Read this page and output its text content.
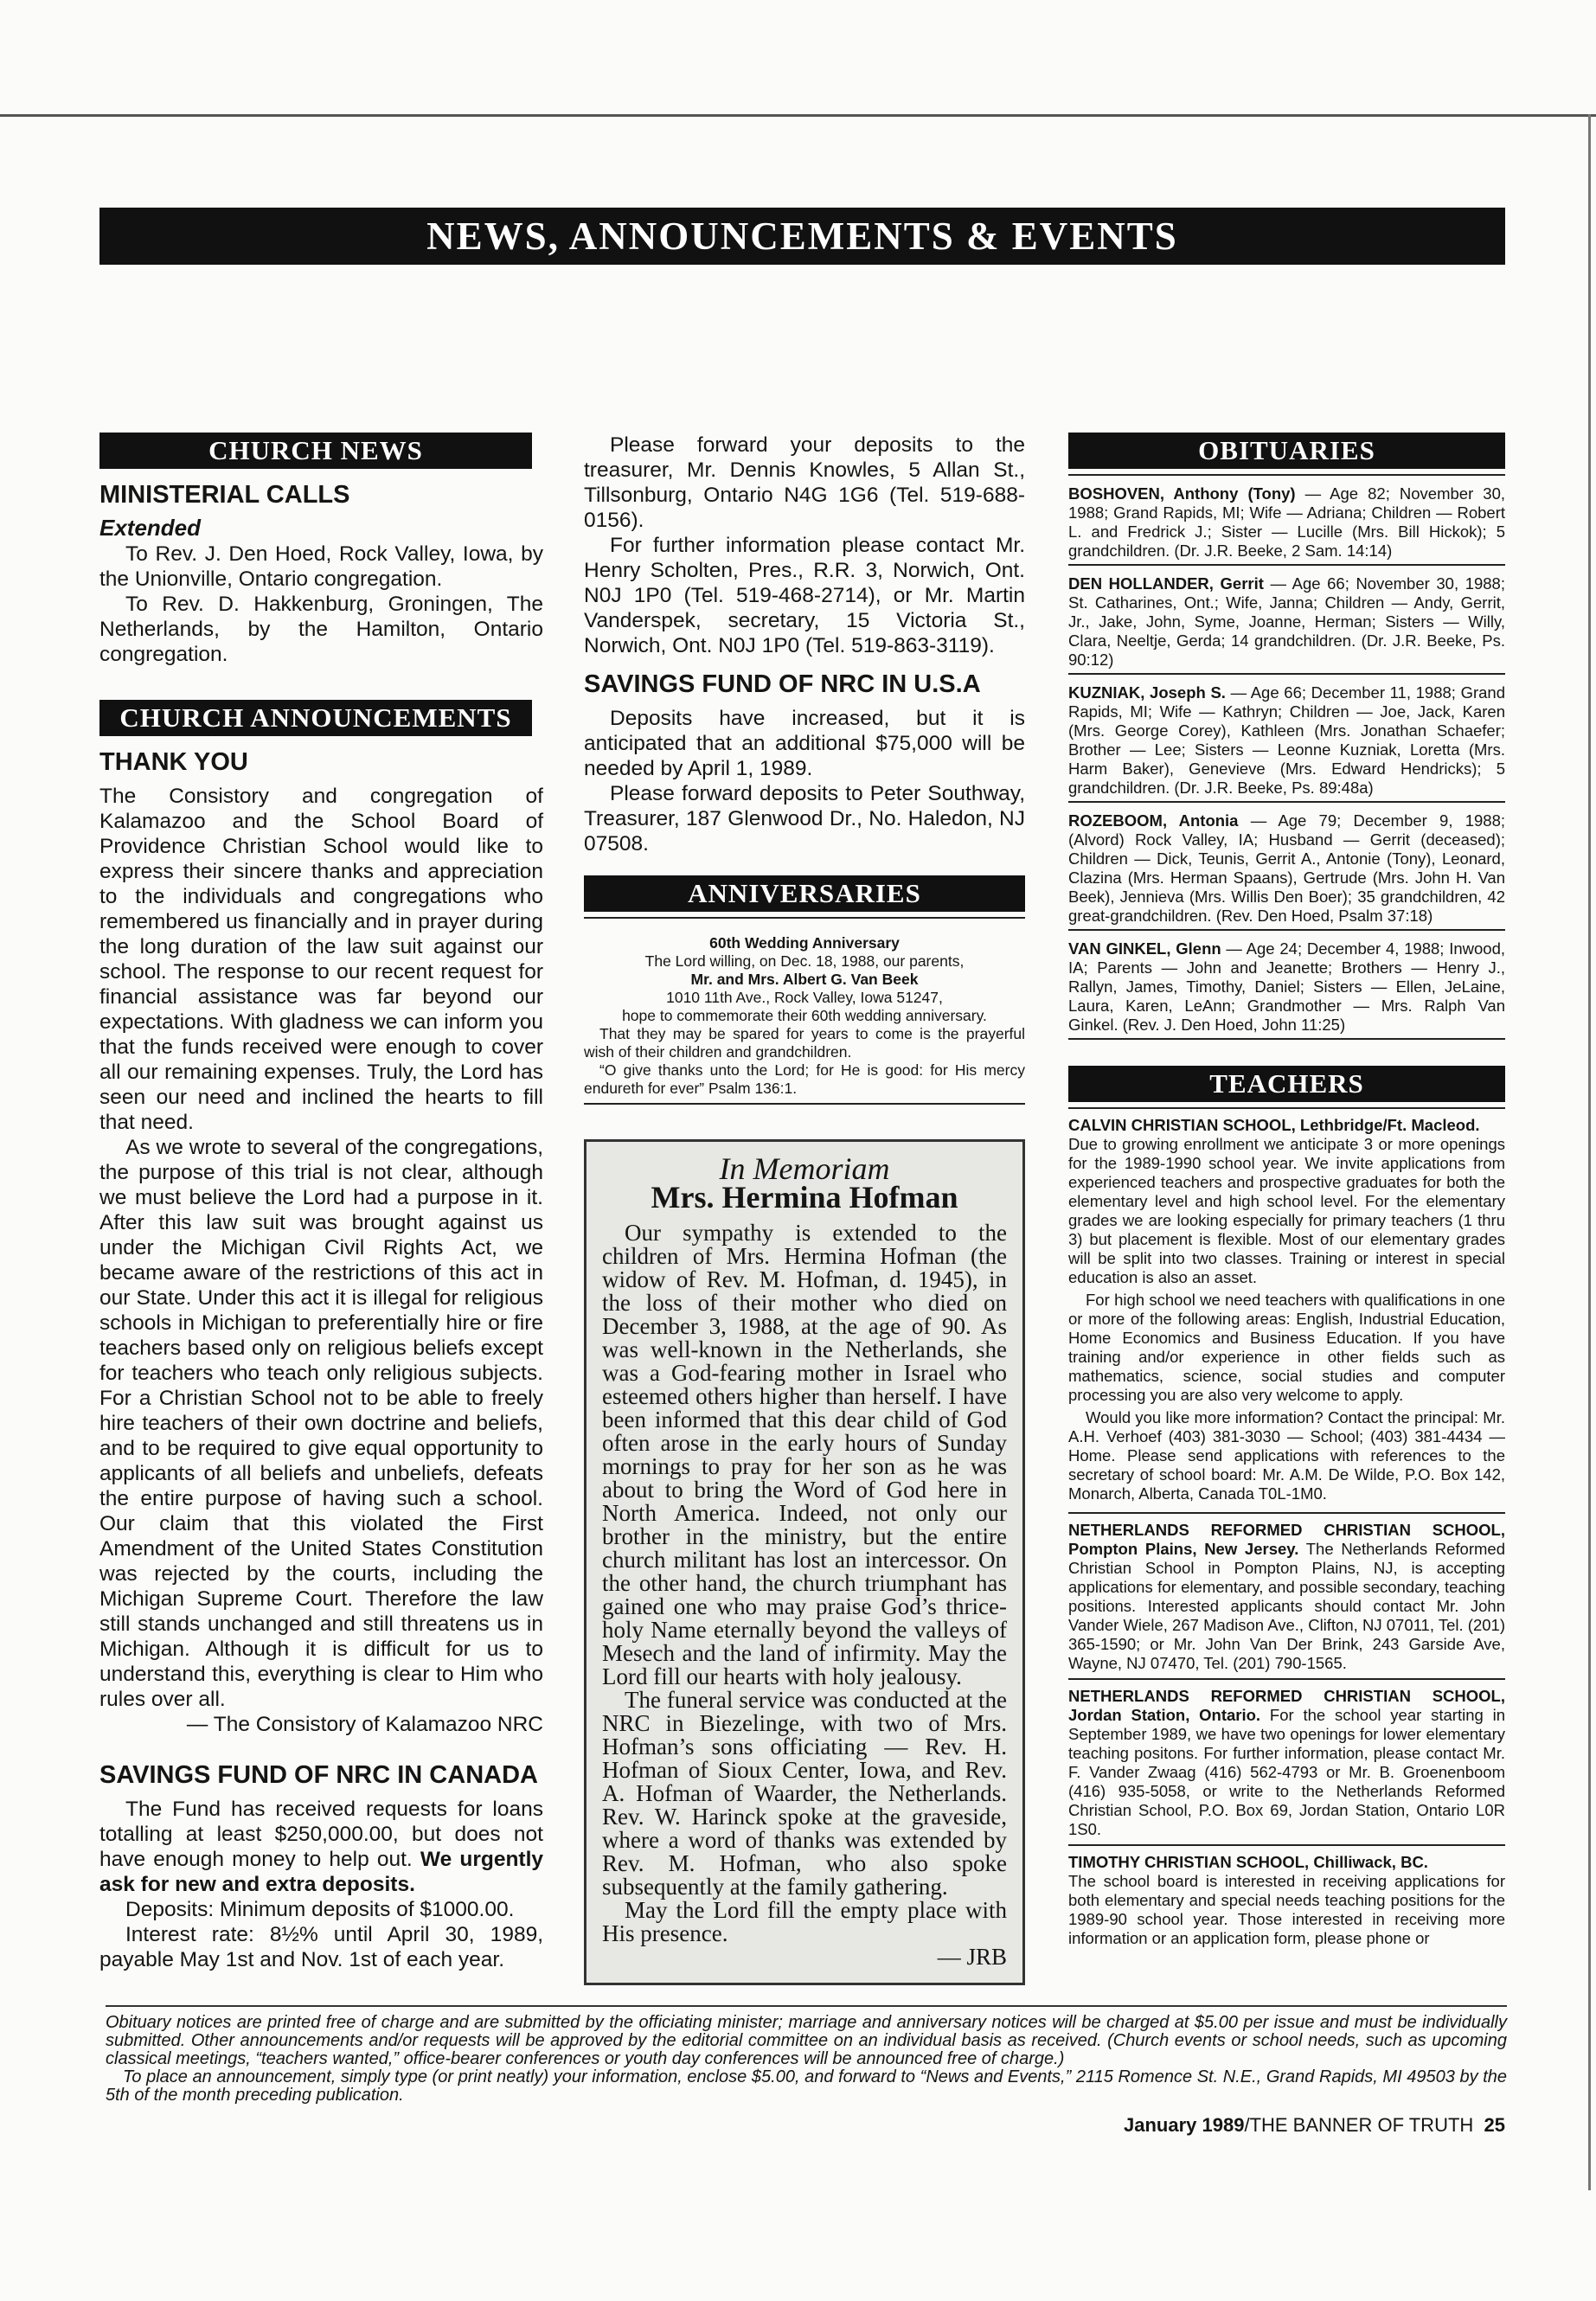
NEWS, ANNOUNCEMENTS & EVENTS
CHURCH NEWS
MINISTERIAL CALLS
Extended

To Rev. J. Den Hoed, Rock Valley, Iowa, by the Unionville, Ontario congregation.

To Rev. D. Hakkenburg, Groningen, The Netherlands, by the Hamilton, Ontario congregation.

CHURCH ANNOUNCEMENTS
THANK YOU

The Consistory and congregation of Kalamazoo and the School Board of Providence Christian School would like to express their sincere thanks and appreciation to the individuals and congregations who remembered us financially and in prayer during the long duration of the law suit against our school. The response to our recent request for financial assistance was far beyond our expectations. With gladness we can inform you that the funds received were enough to cover all our remaining expenses. Truly, the Lord has seen our need and inclined the hearts to fill that need.

As we wrote to several of the congregations, the purpose of this trial is not clear, although we must believe the Lord had a purpose in it. After this law suit was brought against us under the Michigan Civil Rights Act, we became aware of the restrictions of this act in our State. Under this act it is illegal for religious schools in Michigan to preferentially hire or fire teachers based only on religious beliefs except for teachers who teach only religious subjects. For a Christian School not to be able to freely hire teachers of their own doctrine and beliefs, and to be required to give equal opportunity to applicants of all beliefs and unbeliefs, defeats the entire purpose of having such a school. Our claim that this violated the First Amendment of the United States Constitution was rejected by the courts, including the Michigan Supreme Court. Therefore the law still stands unchanged and still threatens us in Michigan. Although it is difficult for us to understand this, everything is clear to Him who rules over all.

— The Consistory of Kalamazoo NRC

SAVINGS FUND OF NRC IN CANADA

The Fund has received requests for loans totalling at least $250,000.00, but does not have enough money to help out. We urgently ask for new and extra deposits.

Deposits: Minimum deposits of $1000.00.

Interest rate: 8½% until April 30, 1989, payable May 1st and Nov. 1st of each year.

Please forward your deposits to the treasurer, Mr. Dennis Knowles, 5 Allan St., Tillsonburg, Ontario N4G 1G6 (Tel. 519-688-0156).

For further information please contact Mr. Henry Scholten, Pres., R.R. 3, Norwich, Ont. N0J 1P0 (Tel. 519-468-2714), or Mr. Martin Vanderspek, secretary, 15 Victoria St., Norwich, Ont. N0J 1P0 (Tel. 519-863-3119).

SAVINGS FUND OF NRC IN U.S.A

Deposits have increased, but it is anticipated that an additional $75,000 will be needed by April 1, 1989.

Please forward deposits to Peter Southway, Treasurer, 187 Glenwood Dr., No. Haledon, NJ 07508.

ANNIVERSARIES
60th Wedding Anniversary
The Lord willing, on Dec. 18, 1988, our parents,
Mr. and Mrs. Albert G. Van Beek
1010 11th Ave., Rock Valley, Iowa 51247,
hope to commemorate their 60th wedding anniversary.

That they may be spared for years to come is the prayerful wish of their children and grandchildren.

“O give thanks unto the Lord; for He is good: for His mercy endureth for ever” Psalm 136:1.

In Memoriam
Mrs. Hermina Hofman

Our sympathy is extended to the children of Mrs. Hermina Hofman (the widow of Rev. M. Hofman, d. 1945), in the loss of their mother who died on December 3, 1988, at the age of 90. As was well-known in the Netherlands, she was a God-fearing mother in Israel who esteemed others higher than herself. I have been informed that this dear child of God often arose in the early hours of Sunday mornings to pray for her son as he was about to bring the Word of God here in North America. Indeed, not only our brother in the ministry, but the entire church militant has lost an intercessor. On the other hand, the church triumphant has gained one who may praise God’s thrice-holy Name eternally beyond the valleys of Mesech and the land of infirmity. May the Lord fill our hearts with holy jealousy.

The funeral service was conducted at the NRC in Biezelinge, with two of Mrs. Hofman’s sons officiating — Rev. H. Hofman of Sioux Center, Iowa, and Rev. A. Hofman of Waarder, the Netherlands. Rev. W. Harinck spoke at the graveside, where a word of thanks was extended by Rev. M. Hofman, who also spoke subsequently at the family gathering.

May the Lord fill the empty place with His presence.

— JRB

OBITUARIES
BOSHOVEN, Anthony (Tony) — Age 82; November 30, 1988; Grand Rapids, MI; Wife — Adriana; Children — Robert L. and Fredrick J.; Sister — Lucille (Mrs. Bill Hickok); 5 grandchildren. (Dr. J.R. Beeke, 2 Sam. 14:14)
DEN HOLLANDER, Gerrit — Age 66; November 30, 1988; St. Catharines, Ont.; Wife, Janna; Children — Andy, Gerrit, Jr., Jake, John, Syme, Joanne, Herman; Sisters — Willy, Clara, Neeltje, Gerda; 14 grandchildren. (Dr. J.R. Beeke, Ps. 90:12)
KUZNIAK, Joseph S. — Age 66; December 11, 1988; Grand Rapids, MI; Wife — Kathryn; Children — Joe, Jack, Karen (Mrs. George Corey), Kathleen (Mrs. Jonathan Schaefer; Brother — Lee; Sisters — Leonne Kuzniak, Loretta (Mrs. Harm Baker), Genevieve (Mrs. Edward Hendricks); 5 grandchildren. (Dr. J.R. Beeke, Ps. 89:48a)
ROZEBOOM, Antonia — Age 79; December 9, 1988; (Alvord) Rock Valley, IA; Husband — Gerrit (deceased); Children — Dick, Teunis, Gerrit A., Antonie (Tony), Leonard, Clazina (Mrs. Herman Spaans), Gertrude (Mrs. John H. Van Beek), Jennieva (Mrs. Willis Den Boer); 35 grandchildren, 42 great-grandchildren. (Rev. Den Hoed, Psalm 37:18)
VAN GINKEL, Glenn — Age 24; December 4, 1988; Inwood, IA; Parents — John and Jeanette; Brothers — Henry J., Rallyn, James, Timothy, Daniel; Sisters — Ellen, JeLaine, Laura, Karen, LeAnn; Grandmother — Mrs. Ralph Van Ginkel. (Rev. J. Den Hoed, John 11:25)
TEACHERS
CALVIN CHRISTIAN SCHOOL, Lethbridge/Ft. Macleod.

Due to growing enrollment we anticipate 3 or more openings for the 1989-1990 school year. We invite applications from experienced teachers and prospective graduates for both the elementary level and high school level. For the elementary grades we are looking especially for primary teachers (1 thru 3) but placement is flexible. Most of our elementary grades will be split into two classes. Training or interest in special education is also an asset.

For high school we need teachers with qualifications in one or more of the following areas: English, Industrial Education, Home Economics and Business Education. If you have training and/or experience in other fields such as mathematics, science, social studies and computer processing you are also very welcome to apply.

Would you like more information? Contact the principal: Mr. A.H. Verhoef (403) 381-3030 — School; (403) 381-4434 — Home. Please send applications with references to the secretary of school board: Mr. A.M. De Wilde, P.O. Box 142, Monarch, Alberta, Canada T0L-1M0.

NETHERLANDS REFORMED CHRISTIAN SCHOOL, Pompton Plains, New Jersey. The Netherlands Reformed Christian School in Pompton Plains, NJ, is accepting applications for elementary, and possible secondary, teaching positions. Interested applicants should contact Mr. John Vander Wiele, 267 Madison Ave., Clifton, NJ 07011, Tel. (201) 365-1590; or Mr. John Van Der Brink, 243 Garside Ave, Wayne, NJ 07470, Tel. (201) 790-1565.
NETHERLANDS REFORMED CHRISTIAN SCHOOL, Jordan Station, Ontario. For the school year starting in September 1989, we have two openings for lower elementary teaching positons. For further information, please contact Mr. F. Vander Zwaag (416) 562-4793 or Mr. B. Groenenboom (416) 935-5058, or write to the Netherlands Reformed Christian School, P.O. Box 69, Jordan Station, Ontario L0R 1S0.
TIMOTHY CHRISTIAN SCHOOL, Chilliwack, BC.
The school board is interested in receiving applications for both elementary and special needs teaching positions for the 1989-90 school year. Those interested in receiving more information or an application form, please phone or

Obituary notices are printed free of charge and are submitted by the officiating minister; marriage and anniversary notices will be charged at $5.00 per issue and must be individually submitted. Other announcements and/or requests will be approved by the editorial committee on an individual basis as received. (Church events or school needs, such as upcoming classical meetings, “teachers wanted,” office-bearer conferences or youth day conferences will be announced free of charge.)

To place an announcement, simply type (or print neatly) your information, enclose $5.00, and forward to “News and Events,” 2115 Romence St. N.E., Grand Rapids, MI 49503 by the 5th of the month preceding publication.

January 1989/THE BANNER OF TRUTH 25
